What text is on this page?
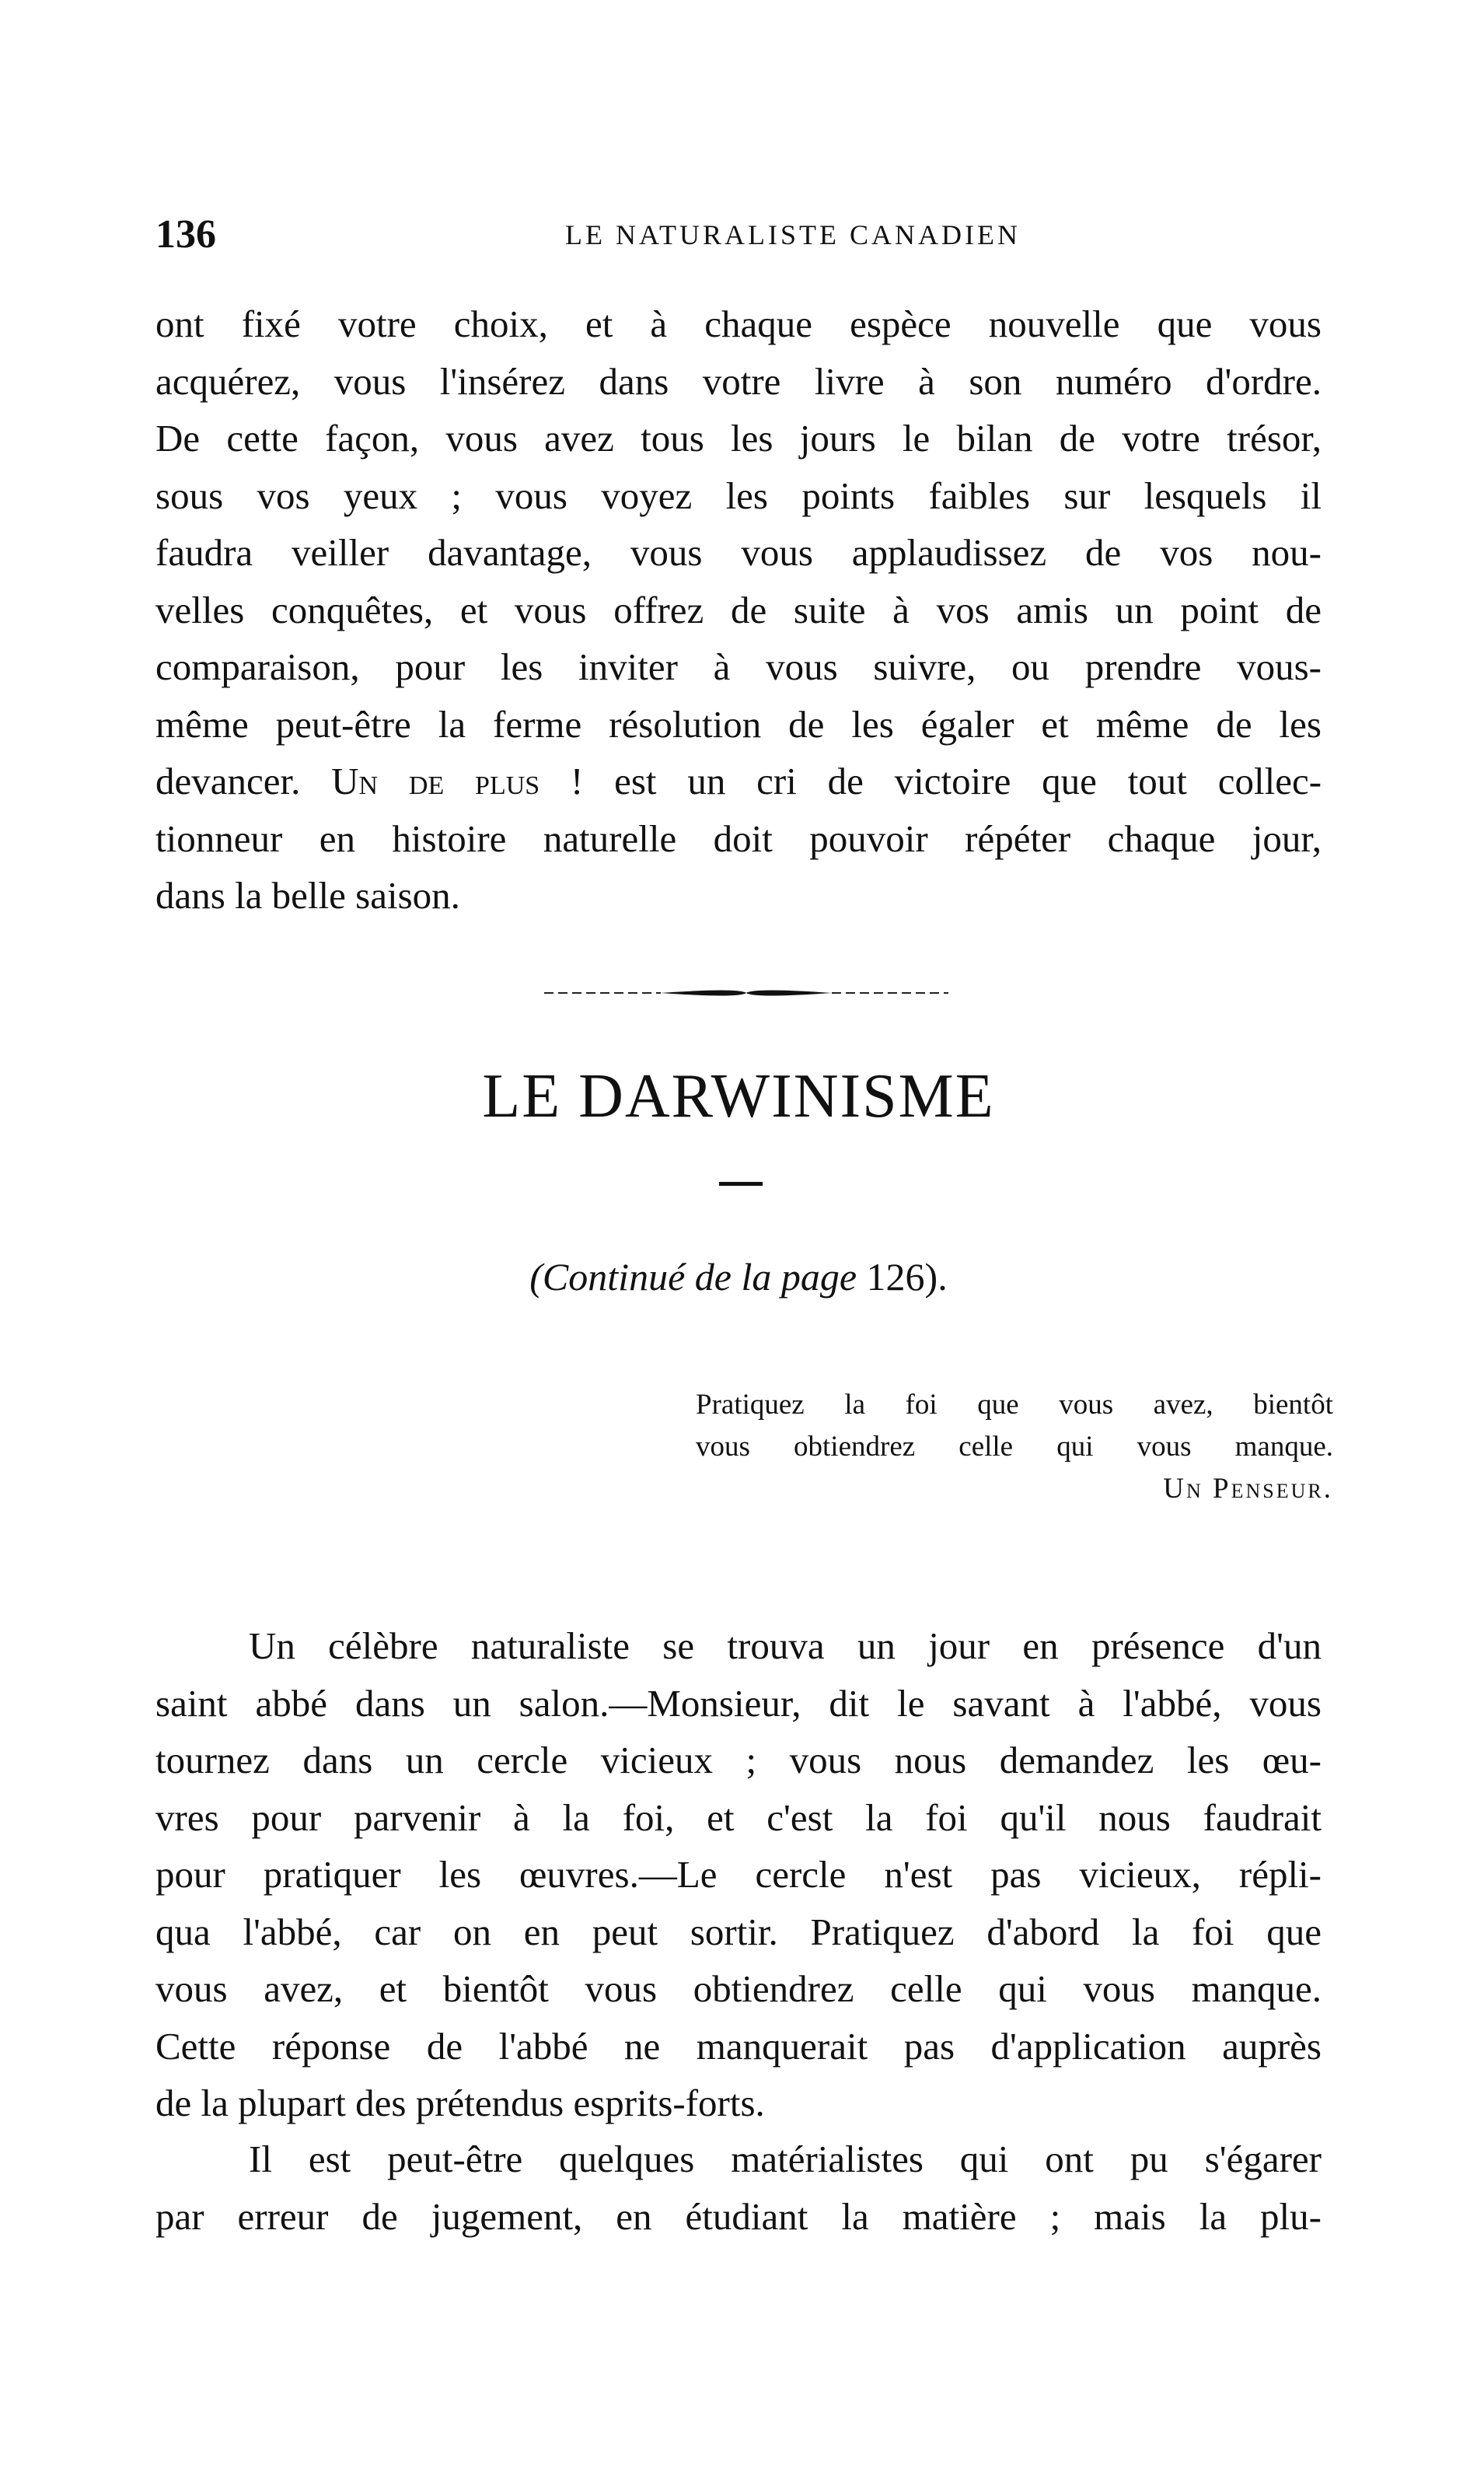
136	LE NATURALISTE CANADIEN
ont fixé votre choix, et à chaque espèce nouvelle que vous
acquérez, vous l'insérez dans votre livre à son numéro d'ordre.
De cette façon, vous avez tous les jours le bilan de votre trésor,
sous vos yeux ; vous voyez les points faibles sur lesquels il
faudra veiller davantage, vous vous applaudissez de vos nou-
velles conquêtes, et vous offrez de suite à vos amis un point de
comparaison, pour les inviter à vous suivre, ou prendre vous-
même peut-être la ferme résolution de les égaler et même de les
devancer. Un de plus ! est un cri de victoire que tout collec-
tionneur en histoire naturelle doit pouvoir répéter chaque jour,
dans la belle saison.
LE DARWINISME
(Continué de la page 126).
Pratiquez la foi que vous avez, bientôt
vous obtiendrez celle qui vous manque.
Un Penseur.
Un célèbre naturaliste se trouva un jour en présence d'un
saint abbé dans un salon.—Monsieur, dit le savant à l'abbé, vous
tournez dans un cercle vicieux ; vous nous demandez les œu-
vres pour parvenir à la foi, et c'est la foi qu'il nous faudrait
pour pratiquer les œuvres.—Le cercle n'est pas vicieux, répli-
qua l'abbé, car on en peut sortir. Pratiquez d'abord la foi que
vous avez, et bientôt vous obtiendrez celle qui vous manque.
Cette réponse de l'abbé ne manquerait pas d'application auprès
de la plupart des prétendus esprits-forts.
Il est peut-être quelques matérialistes qui ont pu s'égarer
par erreur de jugement, en étudiant la matière ; mais la plu-
